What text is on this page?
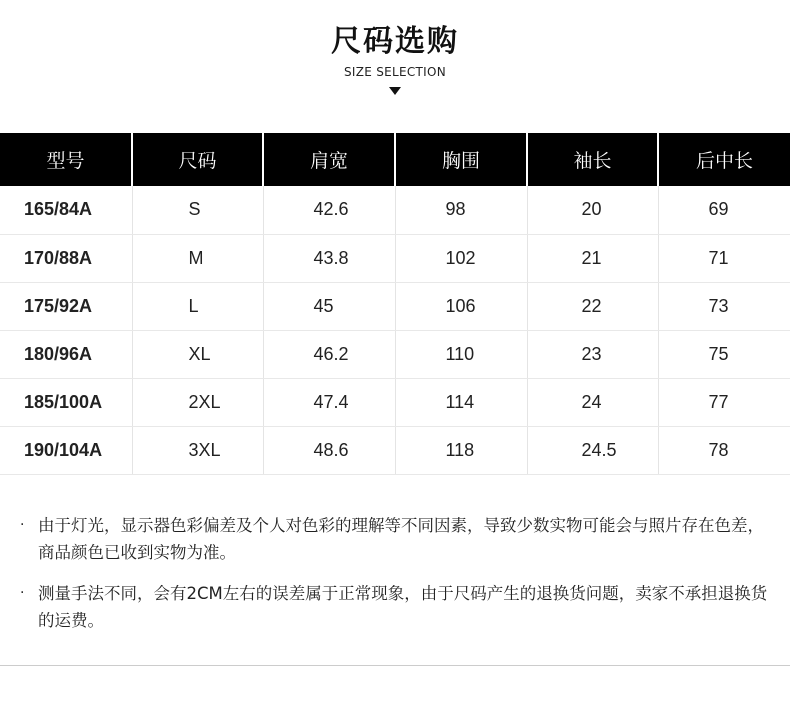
尺码选购
SIZE SELECTION
型号	尺码	肩宽	胸围	袖长	后中长
165/84A	S	42.6	98	20	69
170/88A	M	43.8	102	21	71
175/92A	L	45	106	22	73
180/96A	XL	46.2	110	23	75
185/100A	2XL	47.4	114	24	77
190/104A	3XL	48.6	118	24.5	78
· 由于灯光，显示器色彩偏差及个人对色彩的理解等不同因素，导致少数实物可能会与照片存在色差，商品颜色已收到实物为准。
· 测量手法不同，会有2CM左右的误差属于正常现象，由于尺码产生的退换货问题，卖家不承担退换货的运费。
